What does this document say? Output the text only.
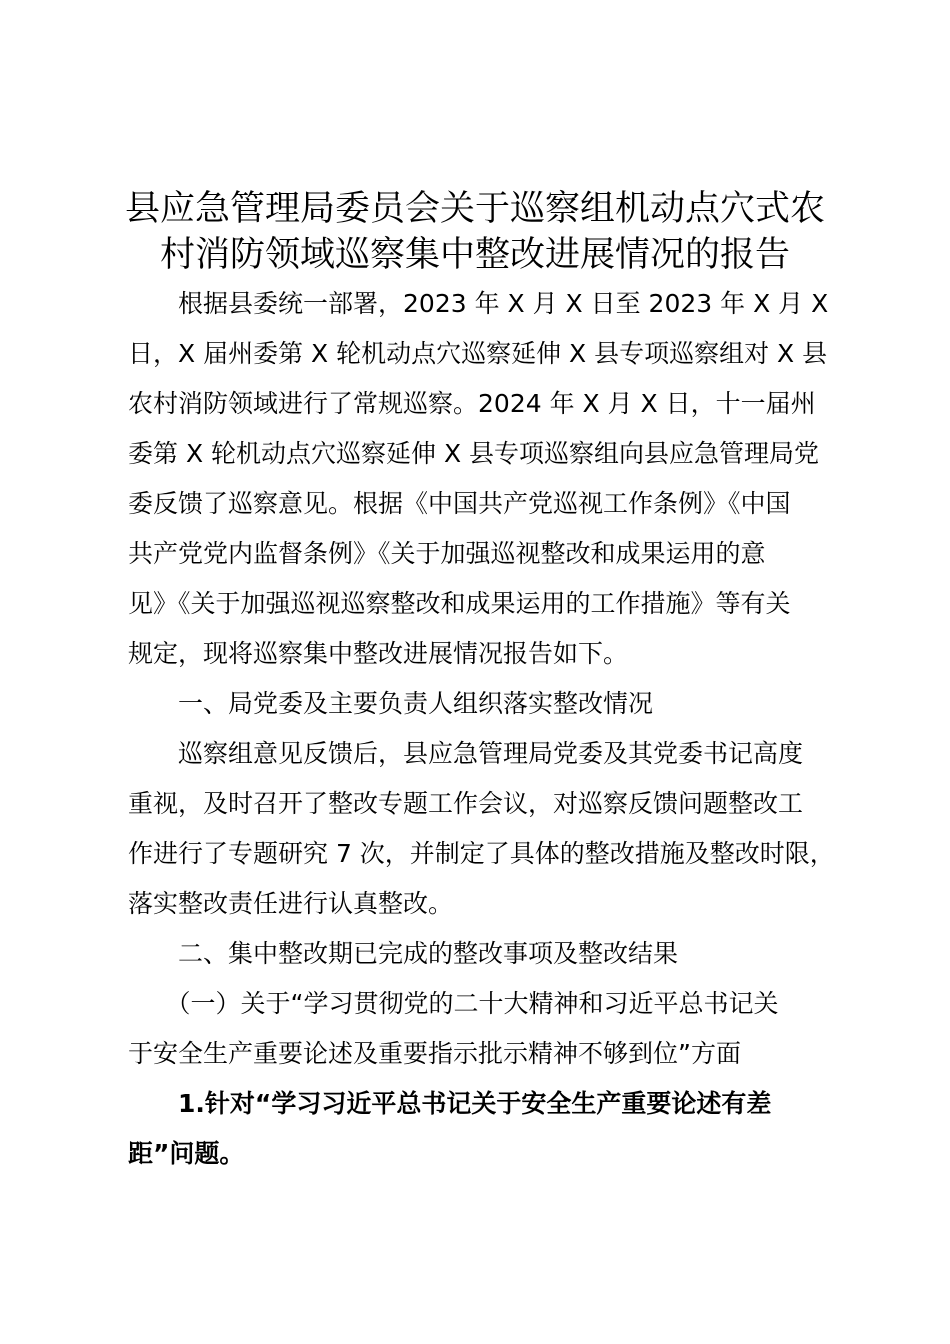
县应急管理局委员会关于巡察组机动点穴式农
村消防领域巡察集中整改进展情况的报告

　　根据县委统一部署，2023 年 X 月 X 日至 2023 年 X 月 X

日，X 届州委第 X 轮机动点穴巡察延伸 X 县专项巡察组对 X 县

农村消防领域进行了常规巡察。2024 年 X 月 X 日，十一届州

委第 X 轮机动点穴巡察延伸 X 县专项巡察组向县应急管理局党

委反馈了巡察意见。根据《中国共产党巡视工作条例》《中国

共产党党内监督条例》《关于加强巡视整改和成果运用的意

见》《关于加强巡视巡察整改和成果运用的工作措施》等有关

规定，现将巡察集中整改进展情况报告如下。

　　一、局党委及主要负责人组织落实整改情况

　　巡察组意见反馈后，县应急管理局党委及其党委书记高度

重视，及时召开了整改专题工作会议，对巡察反馈问题整改工

作进行了专题研究 7 次，并制定了具体的整改措施及整改时限，

落实整改责任进行认真整改。

　　二、集中整改期已完成的整改事项及整改结果

　　（一）关于“学习贯彻党的二十大精神和习近平总书记关

于安全生产重要论述及重要指示批示精神不够到位”方面

　　1.针对“学习习近平总书记关于安全生产重要论述有差

距”问题。
